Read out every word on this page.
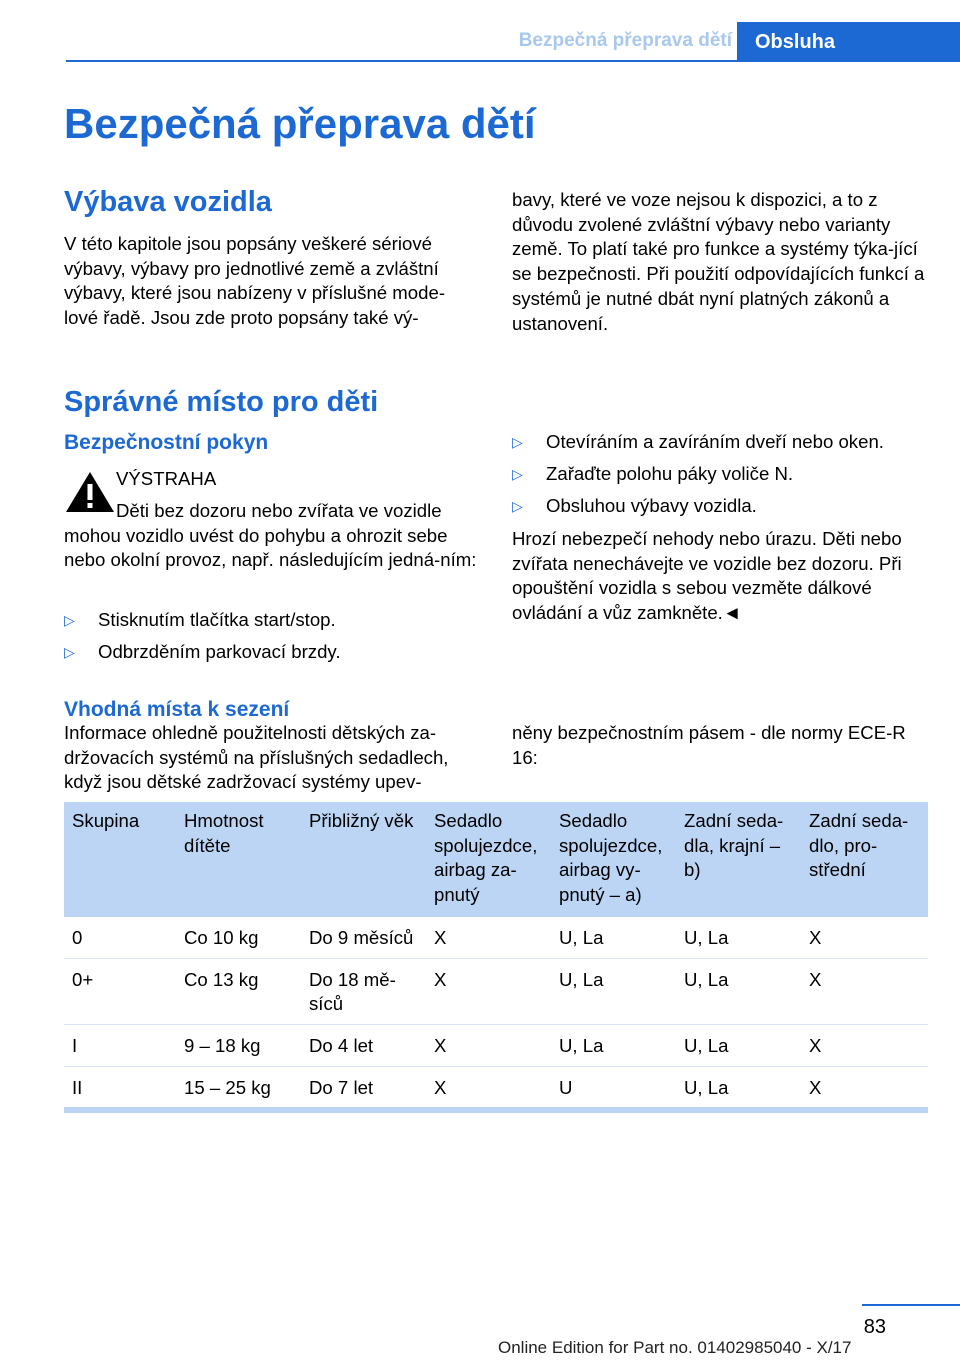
Bezpečná přeprava dětí	Obsluha
Bezpečná přeprava dětí
Výbava vozidla
V této kapitole jsou popsány veškeré sériové výbavy, výbavy pro jednotlivé země a zvláštní výbavy, které jsou nabízeny v příslušné mode-lové řadě. Jsou zde proto popsány také vý-
bavy, které ve voze nejsou k dispozici, a to z důvodu zvolené zvláštní výbavy nebo varianty země. To platí také pro funkce a systémy týka-jící se bezpečnosti. Při použití odpovídajících funkcí a systémů je nutné dbát nyní platných zákonů a ustanovení.
Správné místo pro děti
Bezpečnostní pokyn
VÝSTRAHA
Děti bez dozoru nebo zvířata ve vozidle mohou vozidlo uvést do pohybu a ohrozit sebe nebo okolní provoz, např. následujícím jedná-ním:
▷ Stisknutím tlačítka start/stop.
▷ Odbrzděním parkovací brzdy.
▷ Otevíráním a zavíráním dveří nebo oken.
▷ Zařaďte polohu páky voliče N.
▷ Obsluhou výbavy vozidla.
Hrozí nebezpečí nehody nebo úrazu. Děti nebo zvířata nenechávejte ve vozidle bez dozoru. Při opouštění vozidla s sebou vezměte dálkové ovládání a vůz zamkněte.◄
Vhodná místa k sezení
Informace ohledně použitelnosti dětských za-držovacích systémů na příslušných sedadlech, když jsou dětské zadržovací systémy upev-
něny bezpečnostním pásem - dle normy ECE-R 16:
Skupina	Hmotnost dítěte	Přibližný věk	Sedadlo spolujezdce, airbag za-pnutý	Sedadlo spolujezdce, airbag vy-pnutý – a)	Zadní seda-dla, krajní – b)	Zadní seda-dlo, pro-střední
0	Co 10 kg	Do 9 měsíců	X	U, La	U, La	X
0+	Co 13 kg	Do 18 mě-síců	X	U, La	U, La	X
I	9 – 18 kg	Do 4 let	X	U, La	U, La	X
II	15 – 25 kg	Do 7 let	X	U	U, La	X
83
Online Edition for Part no. 01402985040 - X/17
